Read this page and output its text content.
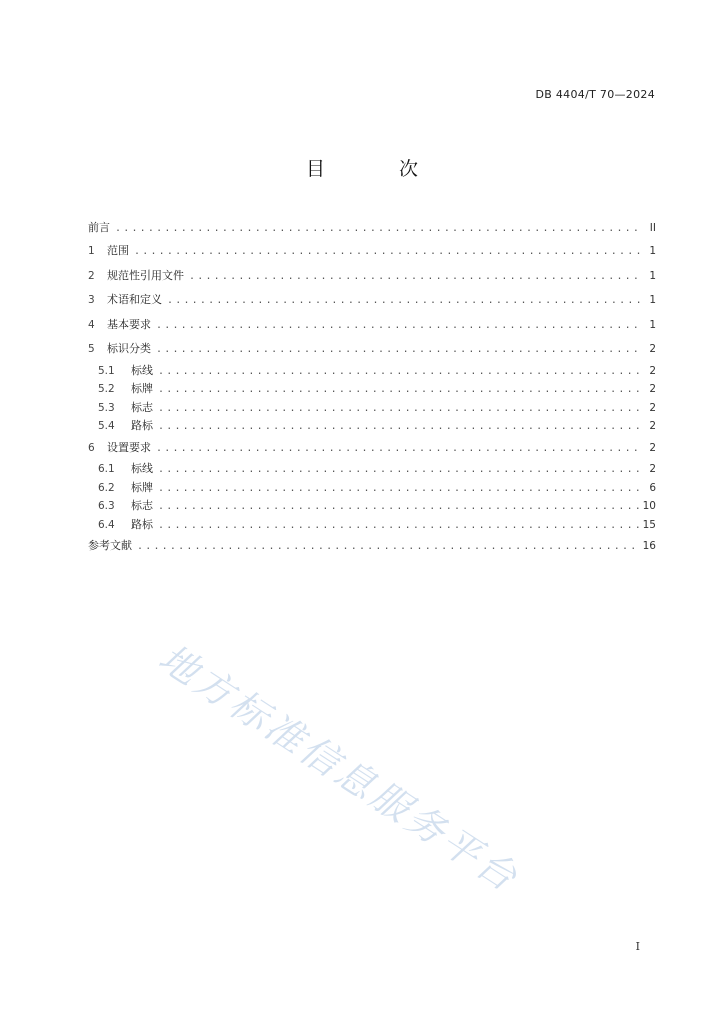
DB 4404/T 70—2024
目 次
前言 .....	II
1	范围 .....	1
2	规范性引用文件 .....	1
3	术语和定义 .....	1
4	基本要求 .....	1
5	标识分类 .....	2
5.1	标线 .....	2
5.2	标牌 .....	2
5.3	标志 .....	2
5.4	路标 .....	2
6	设置要求 .....	2
6.1	标线 .....	2
6.2	标牌 .....	6
6.3	标志 .....	10
6.4	路标 .....	15
参考文献 .....	16
地方标准信息服务平台
I
